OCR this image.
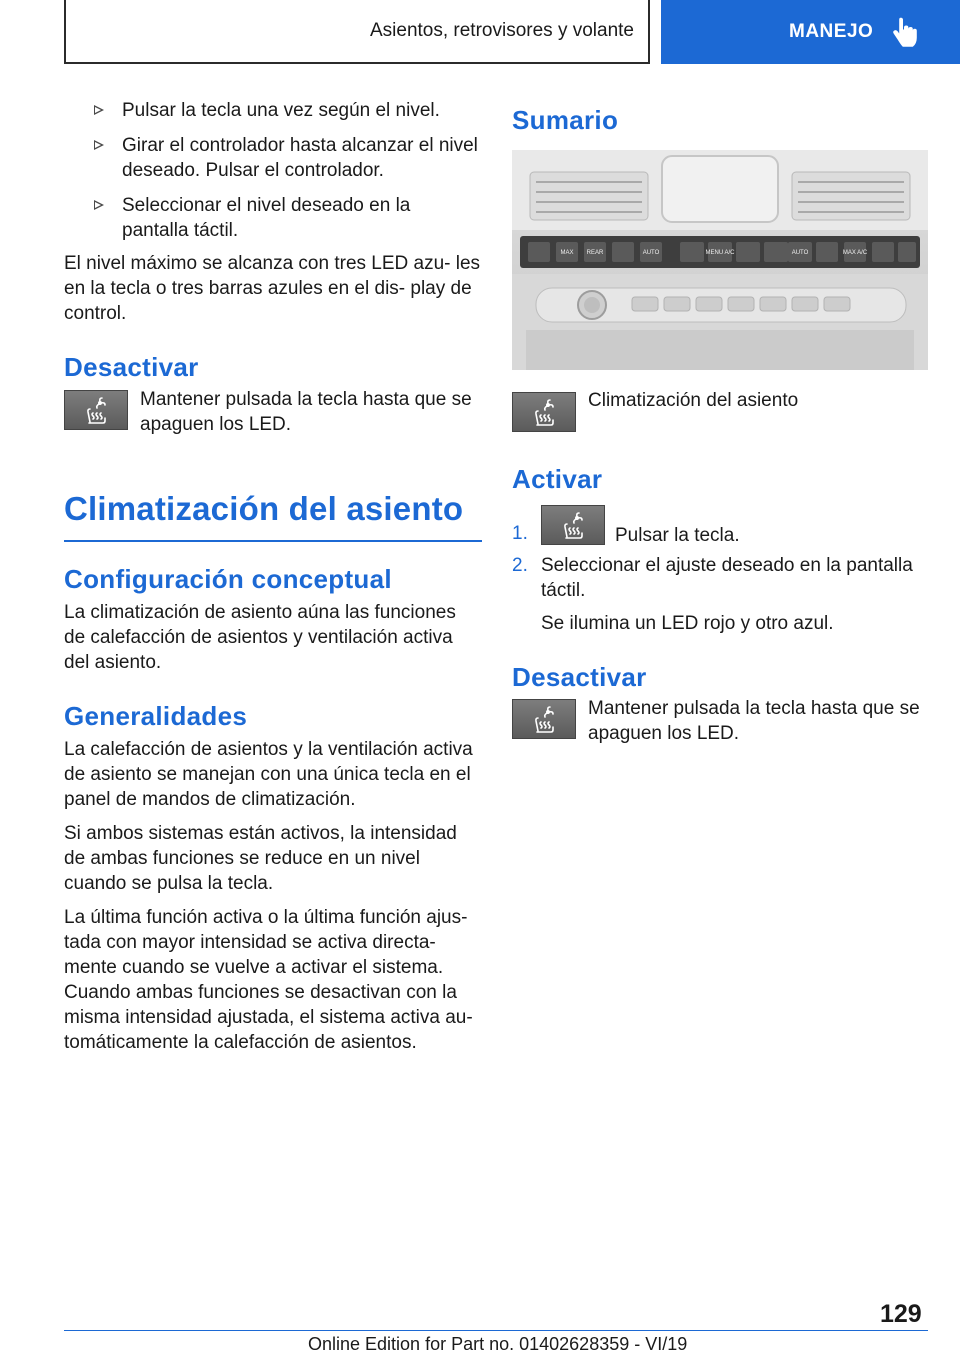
Asientos, retrovisores y volante	MANEJO
Pulsar la tecla una vez según el nivel.
Girar el controlador hasta alcanzar el nivel deseado. Pulsar el controlador.
Seleccionar el nivel deseado en la pantalla táctil.

El nivel máximo se alcanza con tres LED azu‐ les en la tecla o tres barras azules en el dis‐ play de control.

Desactivar
Mantener pulsada la tecla hasta que se apaguen los LED.
Climatización del asiento
Configuración conceptual

La climatización de asiento aúna las funciones de calefacción de asientos y ventilación activa del asiento.

Generalidades

La calefacción de asientos y la ventilación activa de asiento se manejan con una única tecla en el panel de mandos de climatización.

Si ambos sistemas están activos, la intensidad de ambas funciones se reduce en un nivel cuando se pulsa la tecla.

La última función activa o la última función ajus‐ tada con mayor intensidad se activa directa‐ mente cuando se vuelve a activar el sistema. Cuando ambas funciones se desactivan con la misma intensidad ajustada, el sistema activa au‐ tomáticamente la calefacción de asientos.

Sumario
MAX REAR	AUTO	MENU A/C	AUTO	MAX A/C
Climatización del asiento
Activar
1.	Pulsar la tecla.
2. Seleccionar el ajuste deseado en la pantalla táctil.

Se ilumina un LED rojo y otro azul.

Desactivar
Mantener pulsada la tecla hasta que se apaguen los LED.
129
Online Edition for Part no. 01402628359 - VI/19
